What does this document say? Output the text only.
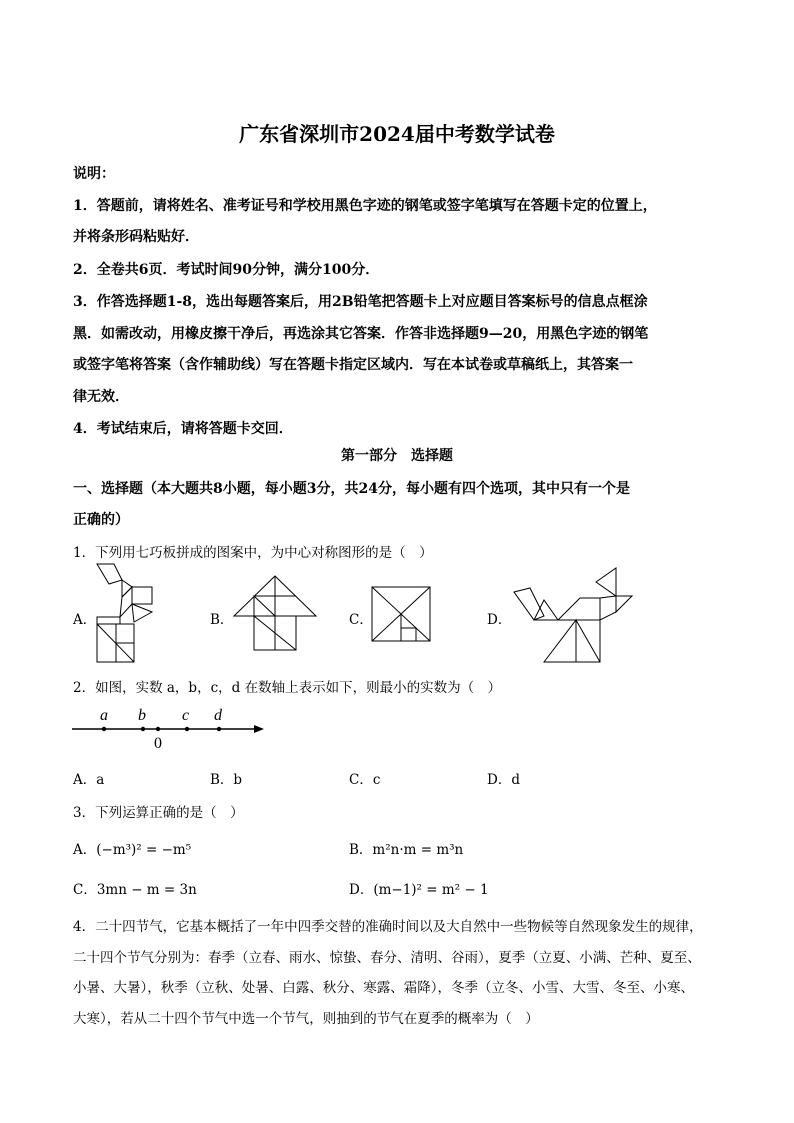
广东省深圳市2024届中考数学试卷
说明：
1．答题前，请将姓名、准考证号和学校用黑色字迹的钢笔或签字笔填写在答题卡定的位置上，
并将条形码粘贴好．
2．全卷共6页．考试时间90分钟，满分100分．
3．作答选择题1-8，选出每题答案后，用2B铅笔把答题卡上对应题目答案标号的信息点框涂
黑．如需改动，用橡皮擦干净后，再选涂其它答案．作答非选择题9—20，用黑色字迹的钢笔
或签字笔将答案（含作辅助线）写在答题卡指定区域内．写在本试卷或草稿纸上，其答案一
律无效．
4．考试结束后，请将答题卡交回．
第一部分　选择题
一、选择题（本大题共8小题，每小题3分，共24分，每小题有四个选项，其中只有一个是
正确的）
1．下列用七巧板拼成的图案中，为中心对称图形的是（　）
A．	B．	C．	D．
2．如图，实数 a，b，c，d 在数轴上表示如下，则最小的实数为（　）
a b c d
0
A．a	B．b	C．c	D．d
3．下列运算正确的是（　）
A．(−m³)² = −m⁵	B．m²n·m = m³n
C．3mn − m = 3n	D．(m−1)² = m² − 1
4．二十四节气，它基本概括了一年中四季交替的准确时间以及大自然中一些物候等自然现象发生的规律，
二十四个节气分别为：春季（立春、雨水、惊蛰、春分、清明、谷雨），夏季（立夏、小满、芒种、夏至、
小暑、大暑），秋季（立秋、处暑、白露、秋分、寒露、霜降），冬季（立冬、小雪、大雪、冬至、小寒、
大寒），若从二十四个节气中选一个节气，则抽到的节气在夏季的概率为（　）
